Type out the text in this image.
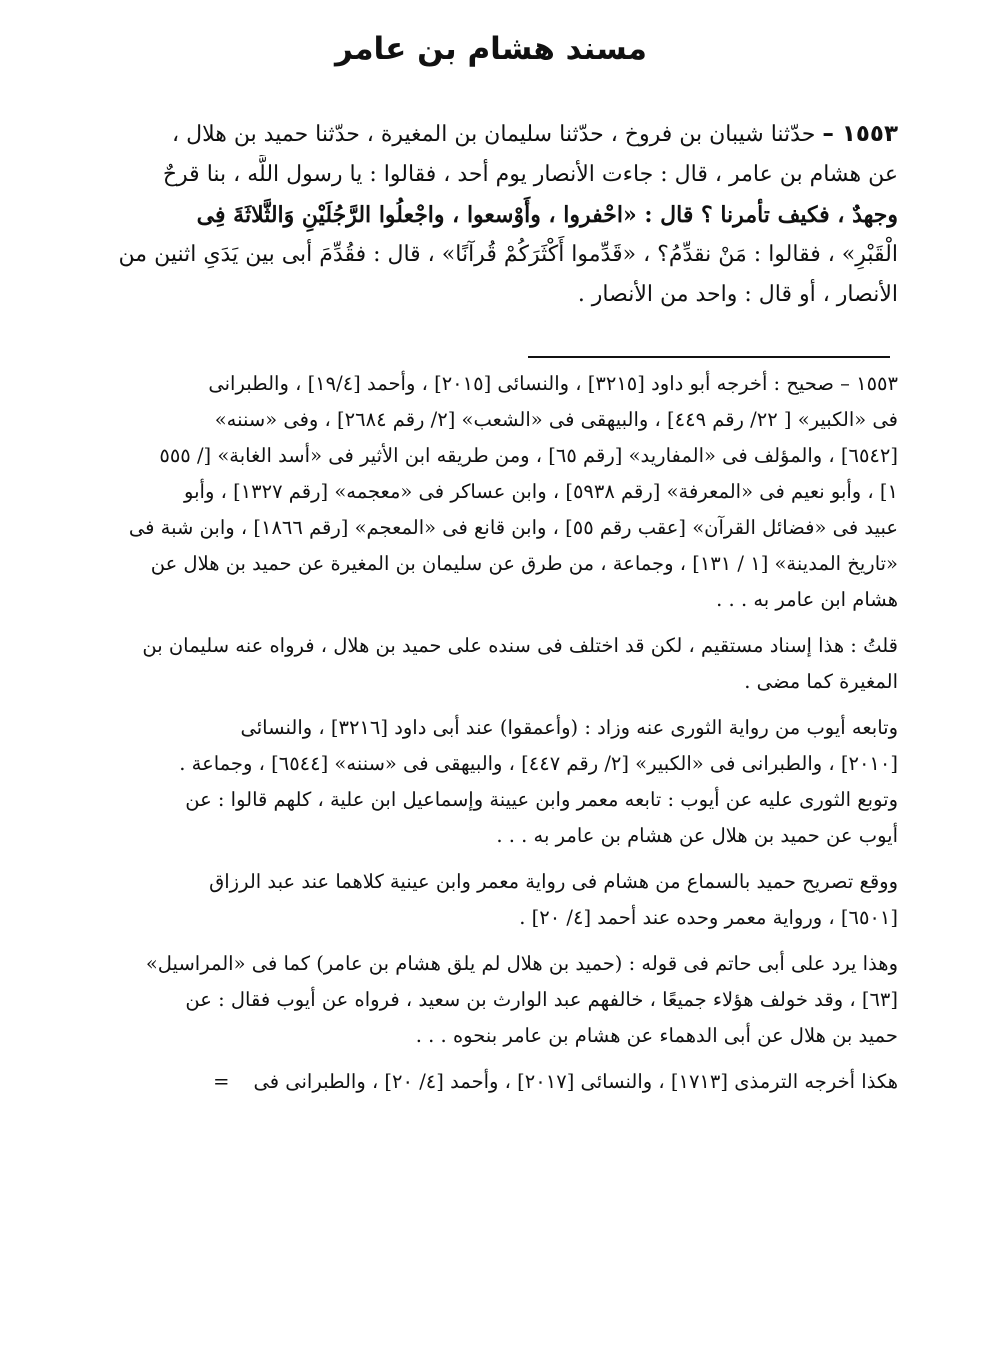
مسند هشام بن عامر
١٥٥٣ – حدّثنا شيبان بن فروخ ، حدّثنا سليمان بن المغيرة ، حدّثنا حميد بن هلال ،
عن هشام بن عامر ، قال : جاءت الأنصار يوم أحد ، فقالوا : يا رسول اللَّه ، بنا قرحٌ
وجهدٌ ، فكيف تأمرنا ؟ قال : «احْفروا ، وأَوْسعوا ، واجْعلُوا الرَّجُلَيْنِ وَالثَّلاثَةَ فِى
الْقَبْرِ» ، فقالوا : مَنْ نقدِّمُ؟ ، «قَدِّموا أَكْثَرَكُمْ قُرآنًا» ، قال : فقُدِّمَ أبى بين يَدَىِ اثنين من
الأنصار ، أو قال : واحد من الأنصار .
١٥٥٣ – صحيح : أخرجه أبو داود [٣٢١٥] ، والنسائى [٢٠١٥] ، وأحمد [١٩/٤] ، والطبرانى
فى «الكبير» [ ٢٢/ رقم ٤٤٩] ، والبيهقى فى «الشعب» [٢/ رقم ٢٦٨٤] ، وفى «سننه»
[٦٥٤٢] ، والمؤلف فى «المفاريد» [رقم ٦٥] ، ومن طريقه ابن الأثير فى «أسد الغابة» [/ ٥٥٥
١] ، وأبو نعيم فى «المعرفة» [رقم ٥٩٣٨] ، وابن عساكر فى «معجمه» [رقم ١٣٢٧] ، وأبو
عبيد فى «فضائل القرآن» [عقب رقم ٥٥] ، وابن قانع فى «المعجم» [رقم ١٨٦٦] ، وابن شبة فى
«تاريخ المدينة» [١ / ١٣١] ، وجماعة ، من طرق عن سليمان بن المغيرة عن حميد بن هلال عن
هشام ابن عامر به . . .
قلتُ : هذا إسناد مستقيم ، لكن قد اختلف فى سنده على حميد بن هلال ، فرواه عنه سليمان بن
المغيرة كما مضى .
وتابعه أيوب من رواية الثورى عنه وزاد : (وأعمقوا) عند أبى داود [٣٢١٦] ، والنسائى
[٢٠١٠] ، والطبرانى فى «الكبير» [٢/ رقم ٤٤٧] ، والبيهقى فى «سننه» [٦٥٤٤] ، وجماعة .
وتوبع الثورى عليه عن أيوب : تابعه معمر وابن عيينة وإسماعيل ابن علية ، كلهم قالوا : عن
أيوب عن حميد بن هلال عن هشام بن عامر به . . .
ووقع تصريح حميد بالسماع من هشام فى رواية معمر وابن عينية كلاهما عند عبد الرزاق
[٦٥٠١] ، ورواية معمر وحده عند أحمد [٤/ ٢٠] .
وهذا يرد على أبى حاتم فى قوله : (حميد بن هلال لم يلق هشام بن عامر) كما فى «المراسيل»
[٦٣] ، وقد خولف هؤلاء جميعًا ، خالفهم عبد الوارث بن سعيد ، فرواه عن أيوب فقال : عن
حميد بن هلال عن أبى الدهماء عن هشام بن عامر بنحوه . . .
هكذا أخرجه الترمذى [١٧١٣] ، والنسائى [٢٠١٧] ، وأحمد [٤/ ٢٠] ، والطبرانى فى=
